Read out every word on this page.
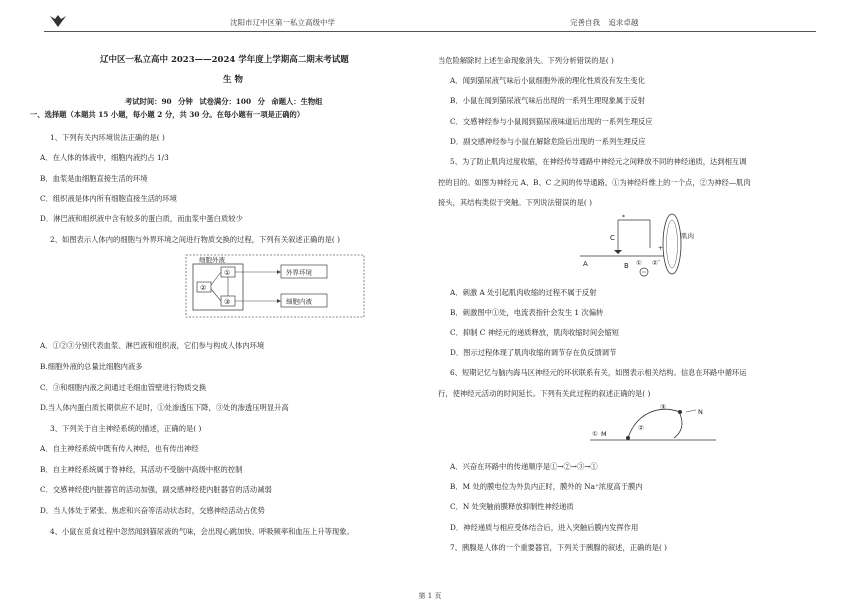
沈阳市辽中区第一私立高级中学	完善自我 追求卓越

辽中区一私立高中 2023——2024 学年度上学期高二期末考试题

生 物

考试时间：90 分钟 试卷满分：100 分 命题人：生物组

一、选择题（本题共 15 小题，每小题 2 分，共 30 分。在每小题有一项是正确的）

1、下列有关内环境说法正确的是( )

A．在人体的体液中，细胞内液约占 1/3

B．血浆是血细胞直接生活的环境

C．组织液是体内所有细胞直接生活的环境

D．淋巴液和组织液中含有较多的蛋白质，而血浆中蛋白质较少

2、如图表示人体内的细胞与外界环境之间进行物质交换的过程，下列有关叙述正确的是( )

细胞外液
①
②
③
外界环境
细胞内液

A．①②③分别代表血浆、淋巴液和组织液，它们参与构成人体内环境

B.细胞外液的总量比细胞内液多

C．③和细胞内液之间通过毛细血管壁进行物质交换

D.当人体内蛋白质长期供应不足时，①处渗透压下降，③处的渗透压明显升高

3、下列关于自主神经系统的描述，正确的是( )

A．自主神经系统中既有传入神经，也有传出神经

B．自主神经系统属于脊神经，其活动不受脑中高级中枢的控制

C．交感神经使内脏器官的活动加强，副交感神经使内脏器官的活动减弱

D．当人体处于紧张、焦虑和兴奋等活动状态时，交感神经活动占优势

4、小鼠在觅食过程中忽然闻到猫尿液的气味，会出现心跳加快、呼吸频率和血压上升等现象。

当危险解除时上述生命现象消失。下列分析错误的是( )

A．闻到猫尿液气味后小鼠细胞外液的理化性质没有发生变化

B．小鼠在闻到猫尿液气味后出现的一系列生理现象属于反射

C．交感神经参与小鼠闻到猫尿液味道后出现的一系列生理反应

D．副交感神经参与小鼠在解除危险后出现的一系列生理反应

5、为了防止肌肉过度收缩，在神经传导通路中神经元之间释放不同的神经递质，达到相互调

控的目的。如图为神经元 A、B、C 之间的传导通路，①为神经纤维上的一个点，②为神经—肌肉

接头，其结构类似于突触。下列说法错误的是( )

*
C
A	①
B	②
+
-
肌肉

A．刺激 A 处引起肌肉收缩的过程不属于反射

B．刺激图中①处，电流表指针会发生 1 次偏转

C．抑制 C 神经元的递质释放，肌肉收缩时间会缩短

D．图示过程体现了肌肉收缩的调节存在负反馈调节

6、短期记忆与脑内海马区神经元的环状联系有关，如图表示相关结构。信息在环路中循环运

行，使神经元活动的时间延长。下列有关此过程的叙述正确的是( )

① M
③
②
N

A．兴奋在环路中的传递顺序是①→②→③→①

B．M 处的膜电位为外负内正时，膜外的 Na⁺浓度高于膜内

C．N 处突触前膜释放抑制性神经递质

D．神经递质与相应受体结合后，进入突触后膜内发挥作用

7、胰腺是人体的一个重要器官，下列关于胰腺的叙述，正确的是( )

第 1 页
